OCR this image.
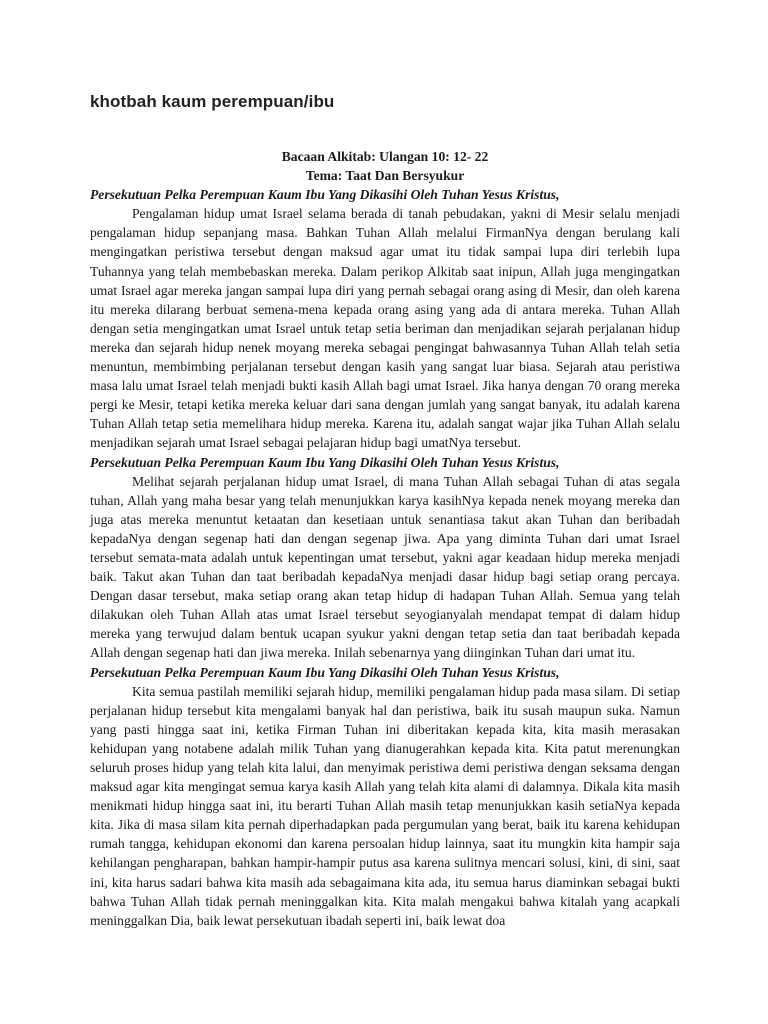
khotbah kaum perempuan/ibu

Bacaan Alkitab: Ulangan 10: 12- 22

Tema: Taat Dan Bersyukur

Persekutuan Pelka Perempuan Kaum Ibu Yang Dikasihi Oleh Tuhan Yesus Kristus,

Pengalaman hidup umat Israel selama berada di tanah pebudakan, yakni di Mesir selalu menjadi pengalaman hidup sepanjang masa. Bahkan Tuhan Allah melalui FirmanNya dengan berulang kali mengingatkan peristiwa tersebut dengan maksud agar umat itu tidak sampai lupa diri terlebih lupa Tuhannya yang telah membebaskan mereka. Dalam perikop Alkitab saat inipun, Allah juga mengingatkan umat Israel agar mereka jangan sampai lupa diri yang pernah sebagai orang asing di Mesir, dan oleh karena itu mereka dilarang berbuat semena-mena kepada orang asing yang ada di antara mereka. Tuhan Allah dengan setia mengingatkan umat Israel untuk tetap setia beriman dan menjadikan sejarah perjalanan hidup mereka dan sejarah hidup nenek moyang mereka sebagai pengingat bahwasannya Tuhan Allah telah setia menuntun, membimbing perjalanan tersebut dengan kasih yang sangat luar biasa. Sejarah atau peristiwa masa lalu umat Israel telah menjadi bukti kasih Allah bagi umat Israel. Jika hanya dengan 70 orang mereka pergi ke Mesir, tetapi ketika mereka keluar dari sana dengan jumlah yang sangat banyak, itu adalah karena Tuhan Allah tetap setia memelihara hidup mereka. Karena itu, adalah sangat wajar jika Tuhan Allah selalu menjadikan sejarah umat Israel sebagai pelajaran hidup bagi umatNya tersebut.

Persekutuan Pelka Perempuan Kaum Ibu Yang Dikasihi Oleh Tuhan Yesus Kristus,

Melihat sejarah perjalanan hidup umat Israel, di mana Tuhan Allah sebagai Tuhan di atas segala tuhan, Allah yang maha besar yang telah menunjukkan karya kasihNya kepada nenek moyang mereka dan juga atas mereka menuntut ketaatan dan kesetiaan untuk senantiasa takut akan Tuhan dan beribadah kepadaNya dengan segenap hati dan dengan segenap jiwa. Apa yang diminta Tuhan dari umat Israel tersebut semata-mata adalah untuk kepentingan umat tersebut, yakni agar keadaan hidup mereka menjadi baik. Takut akan Tuhan dan taat beribadah kepadaNya menjadi dasar hidup bagi setiap orang percaya. Dengan dasar tersebut, maka setiap orang akan tetap hidup di hadapan Tuhan Allah. Semua yang telah dilakukan oleh Tuhan Allah atas umat Israel tersebut seyogianyalah mendapat tempat di dalam hidup mereka yang terwujud dalam bentuk ucapan syukur yakni dengan tetap setia dan taat beribadah kepada Allah dengan segenap hati dan jiwa mereka. Inilah sebenarnya yang diinginkan Tuhan dari umat itu.

Persekutuan Pelka Perempuan Kaum Ibu Yang Dikasihi Oleh Tuhan Yesus Kristus,

Kita semua pastilah memiliki sejarah hidup, memiliki pengalaman hidup pada masa silam. Di setiap perjalanan hidup tersebut kita mengalami banyak hal dan peristiwa, baik itu susah maupun suka. Namun yang pasti hingga saat ini, ketika Firman Tuhan ini diberitakan kepada kita, kita masih merasakan kehidupan yang notabene adalah milik Tuhan yang dianugerahkan kepada kita. Kita patut merenungkan seluruh proses hidup yang telah kita lalui, dan menyimak peristiwa demi peristiwa dengan seksama dengan maksud agar kita mengingat semua karya kasih Allah yang telah kita alami di dalamnya. Dikala kita masih menikmati hidup hingga saat ini, itu berarti Tuhan Allah masih tetap menunjukkan kasih setiaNya kepada kita. Jika di masa silam kita pernah diperhadapkan pada pergumulan yang berat, baik itu karena kehidupan rumah tangga, kehidupan ekonomi dan karena persoalan hidup lainnya, saat itu mungkin kita hampir saja kehilangan pengharapan, bahkan hampir-hampir putus asa karena sulitnya mencari solusi, kini, di sini, saat ini, kita harus sadari bahwa kita masih ada sebagaimana kita ada, itu semua harus diaminkan sebagai bukti bahwa Tuhan Allah tidak pernah meninggalkan kita. Kita malah mengakui bahwa kitalah yang acapkali meninggalkan Dia, baik lewat persekutuan ibadah seperti ini, baik lewat doa
